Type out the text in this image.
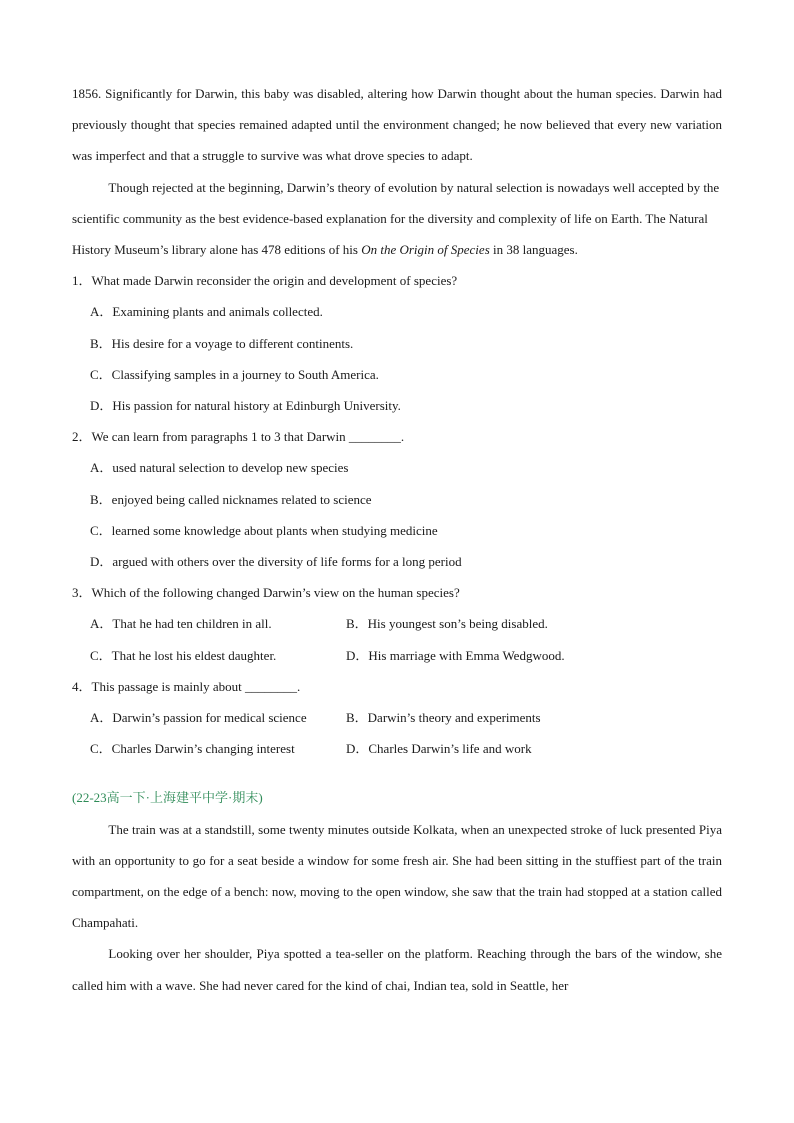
1856. Significantly for Darwin, this baby was disabled, altering how Darwin thought about the human species. Darwin had previously thought that species remained adapted until the environment changed; he now believed that every new variation was imperfect and that a struggle to survive was what drove species to adapt.

Though rejected at the beginning, Darwin’s theory of evolution by natural selection is nowadays well accepted by the scientific community as the best evidence-based explanation for the diversity and complexity of life on Earth. The Natural History Museum’s library alone has 478 editions of his On the Origin of Species in 38 languages.

1．What made Darwin reconsider the origin and development of species?
A．Examining plants and animals collected.
B．His desire for a voyage to different continents.
C．Classifying samples in a journey to South America.
D．His passion for natural history at Edinburgh University.
2．We can learn from paragraphs 1 to 3 that Darwin ________.
A．used natural selection to develop new species
B．enjoyed being called nicknames related to science
C．learned some knowledge about plants when studying medicine
D．argued with others over the diversity of life forms for a long period
3．Which of the following changed Darwin’s view on the human species?
A．That he had ten children in all.	B．His youngest son’s being disabled.
C．That he lost his eldest daughter.	D．His marriage with Emma Wedgwood.
4．This passage is mainly about ________.
A．Darwin’s passion for medical science	B．Darwin’s theory and experiments
C．Charles Darwin’s changing interest	D．Charles Darwin’s life and work
(22-23高一下·上海建平中学·期末)

The train was at a standstill, some twenty minutes outside Kolkata, when an unexpected stroke of luck presented Piya with an opportunity to go for a seat beside a window for some fresh air. She had been sitting in the stuffiest part of the train compartment, on the edge of a bench: now, moving to the open window, she saw that the train had stopped at a station called Champahati.

Looking over her shoulder, Piya spotted a tea-seller on the platform. Reaching through the bars of the window, she called him with a wave. She had never cared for the kind of chai, Indian tea, sold in Seattle, her
